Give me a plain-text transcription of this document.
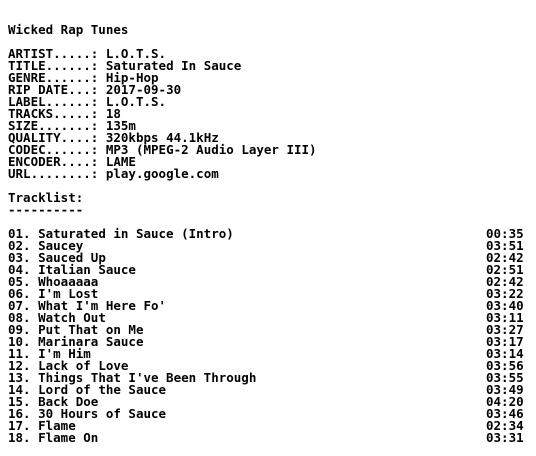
Wicked Rap Tunes
ARTIST.....: L.O.T.S.
TITLE......: Saturated In Sauce
GENRE......: Hip-Hop
RIP DATE...: 2017-09-30
LABEL......: L.O.T.S.
TRACKS.....: 18
SIZE.......: 135m
QUALITY....: 320kbps 44.1kHz
CODEC......: MP3 (MPEG-2 Audio Layer III)
ENCODER....: LAME
URL........: play.google.com
Tracklist:
----------
01. Saturated in Sauce (Intro)	00:35
02. Saucey	03:51
03. Sauced Up	02:42
04. Italian Sauce	02:51
05. Whoaaaaa	02:42
06. I'm Lost	03:22
07. What I'm Here Fo'	03:40
08. Watch Out	03:11
09. Put That on Me	03:27
10. Marinara Sauce	03:17
11. I'm Him	03:14
12. Lack of Love	03:56
13. Things That I've Been Through	03:55
14. Lord of the Sauce	03:49
15. Back Doe	04:20
16. 30 Hours of Sauce	03:46
17. Flame	02:34
18. Flame On	03:31
